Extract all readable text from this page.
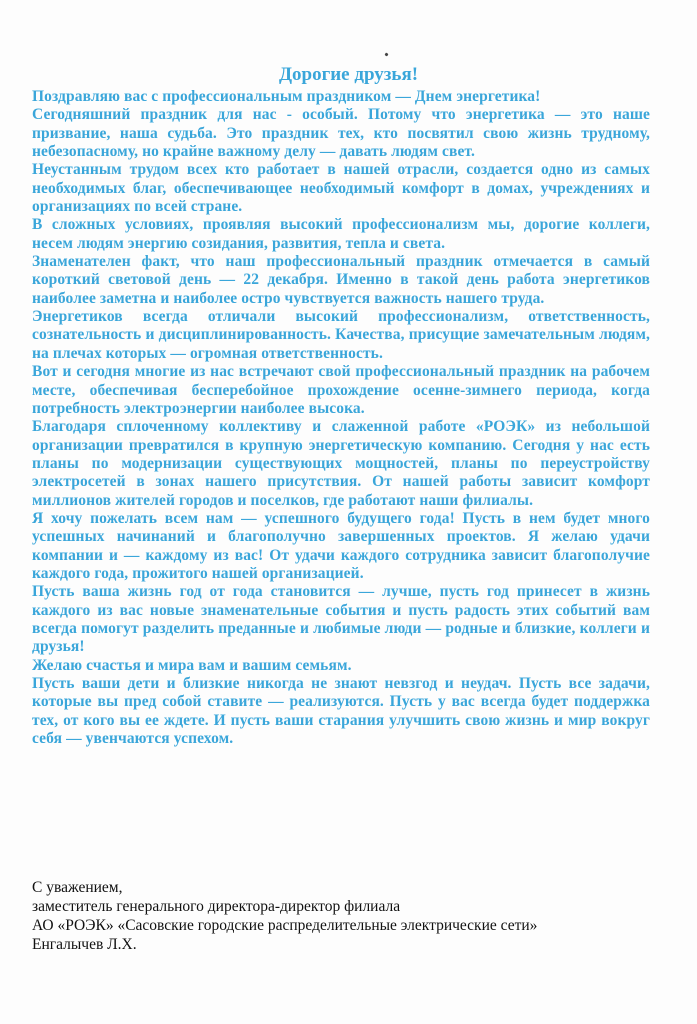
Дорогие друзья!

Поздравляю вас с профессиональным праздником — Днем энергетика!

Сегодняшний праздник для нас - особый. Потому что энергетика — это наше призвание, наша судьба. Это праздник тех, кто посвятил свою жизнь трудному, небезопасному, но крайне важному делу — давать людям свет.

Неустанным трудом всех кто работает в нашей отрасли, создается одно из самых необходимых благ, обеспечивающее необходимый комфорт в домах, учреждениях и организациях по всей стране.

В сложных условиях, проявляя высокий профессионализм мы, дорогие коллеги, несем людям энергию созидания, развития, тепла и света.

Знаменателен факт, что наш профессиональный праздник отмечается в самый короткий световой день — 22 декабря. Именно в такой день работа энергетиков наиболее заметна и наиболее остро чувствуется важность нашего труда.

Энергетиков всегда отличали высокий профессионализм, ответственность, сознательность и дисциплинированность. Качества, присущие замечательным людям, на плечах которых — огромная ответственность.

Вот и сегодня многие из нас встречают свой профессиональный праздник на рабочем месте, обеспечивая бесперебойное прохождение осенне-зимнего периода, когда потребность электроэнергии наиболее высока.

Благодаря сплоченному коллективу и слаженной работе «РОЭК» из небольшой организации превратился в крупную энергетическую компанию. Сегодня у нас есть планы по модернизации существующих мощностей, планы по переустройству электросетей в зонах нашего присутствия. От нашей работы зависит комфорт миллионов жителей городов и поселков, где работают наши филиалы.

Я хочу пожелать всем нам — успешного будущего года! Пусть в нем будет много успешных начинаний и благополучно завершенных проектов. Я желаю удачи компании и — каждому из вас! От удачи каждого сотрудника зависит благополучие каждого года, прожитого нашей организацией.

Пусть ваша жизнь год от года становится — лучше, пусть год принесет в жизнь каждого из вас новые знаменательные события и пусть радость этих событий вам всегда помогут разделить преданные и любимые люди — родные и близкие, коллеги и друзья!

Желаю счастья и мира вам и вашим семьям.

Пусть ваши дети и близкие никогда не знают невзгод и неудач. Пусть все задачи, которые вы пред собой ставите — реализуются. Пусть у вас всегда будет поддержка тех, от кого вы ее ждете. И пусть ваши старания улучшить свою жизнь и мир вокруг себя — увенчаются успехом.

С уважением,
заместитель генерального директора-директор филиала
АО «РОЭК» «Сасовские городские распределительные электрические сети»
Енгалычев Л.Х.
